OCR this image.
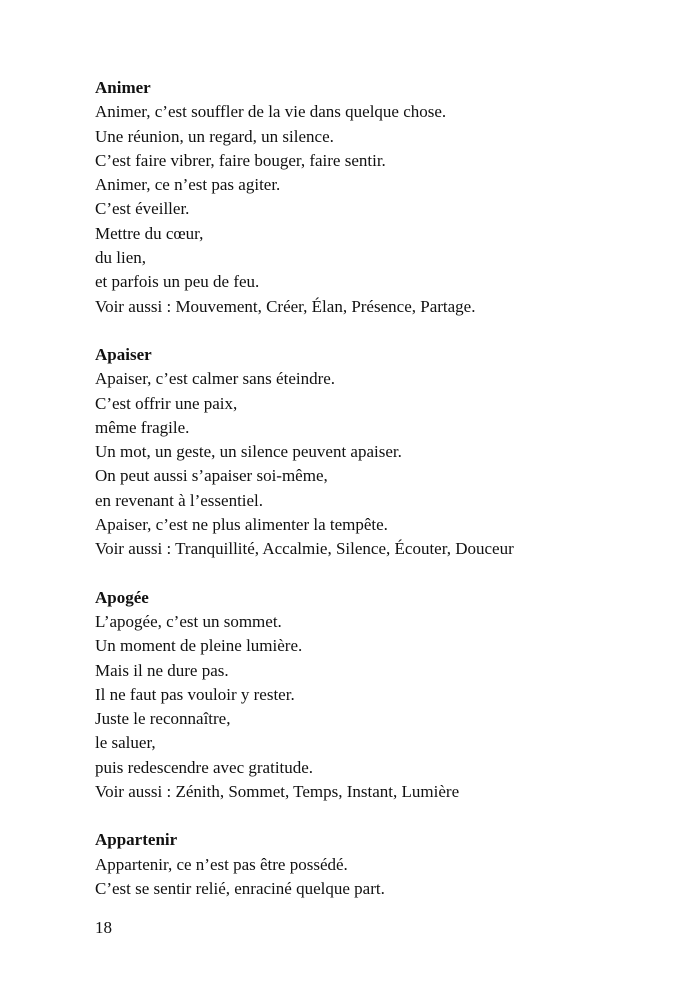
Animer

Animer, c’est souffler de la vie dans quelque chose.

Une réunion, un regard, un silence.

C’est faire vibrer, faire bouger, faire sentir.

Animer, ce n’est pas agiter.

C’est éveiller.

Mettre du cœur,

du lien,

et parfois un peu de feu.

Voir aussi : Mouvement, Créer, Élan, Présence, Partage.

Apaiser

Apaiser, c’est calmer sans éteindre.

C’est offrir une paix,

même fragile.

Un mot, un geste, un silence peuvent apaiser.

On peut aussi s’apaiser soi-même,

en revenant à l’essentiel.

Apaiser, c’est ne plus alimenter la tempête.

Voir aussi : Tranquillité, Accalmie, Silence, Écouter, Douceur

Apogée

L’apogée, c’est un sommet.

Un moment de pleine lumière.

Mais il ne dure pas.

Il ne faut pas vouloir y rester.

Juste le reconnaître,

le saluer,

puis redescendre avec gratitude.

Voir aussi : Zénith, Sommet, Temps, Instant, Lumière

Appartenir

Appartenir, ce n’est pas être possédé.

C’est se sentir relié, enraciné quelque part.

18
